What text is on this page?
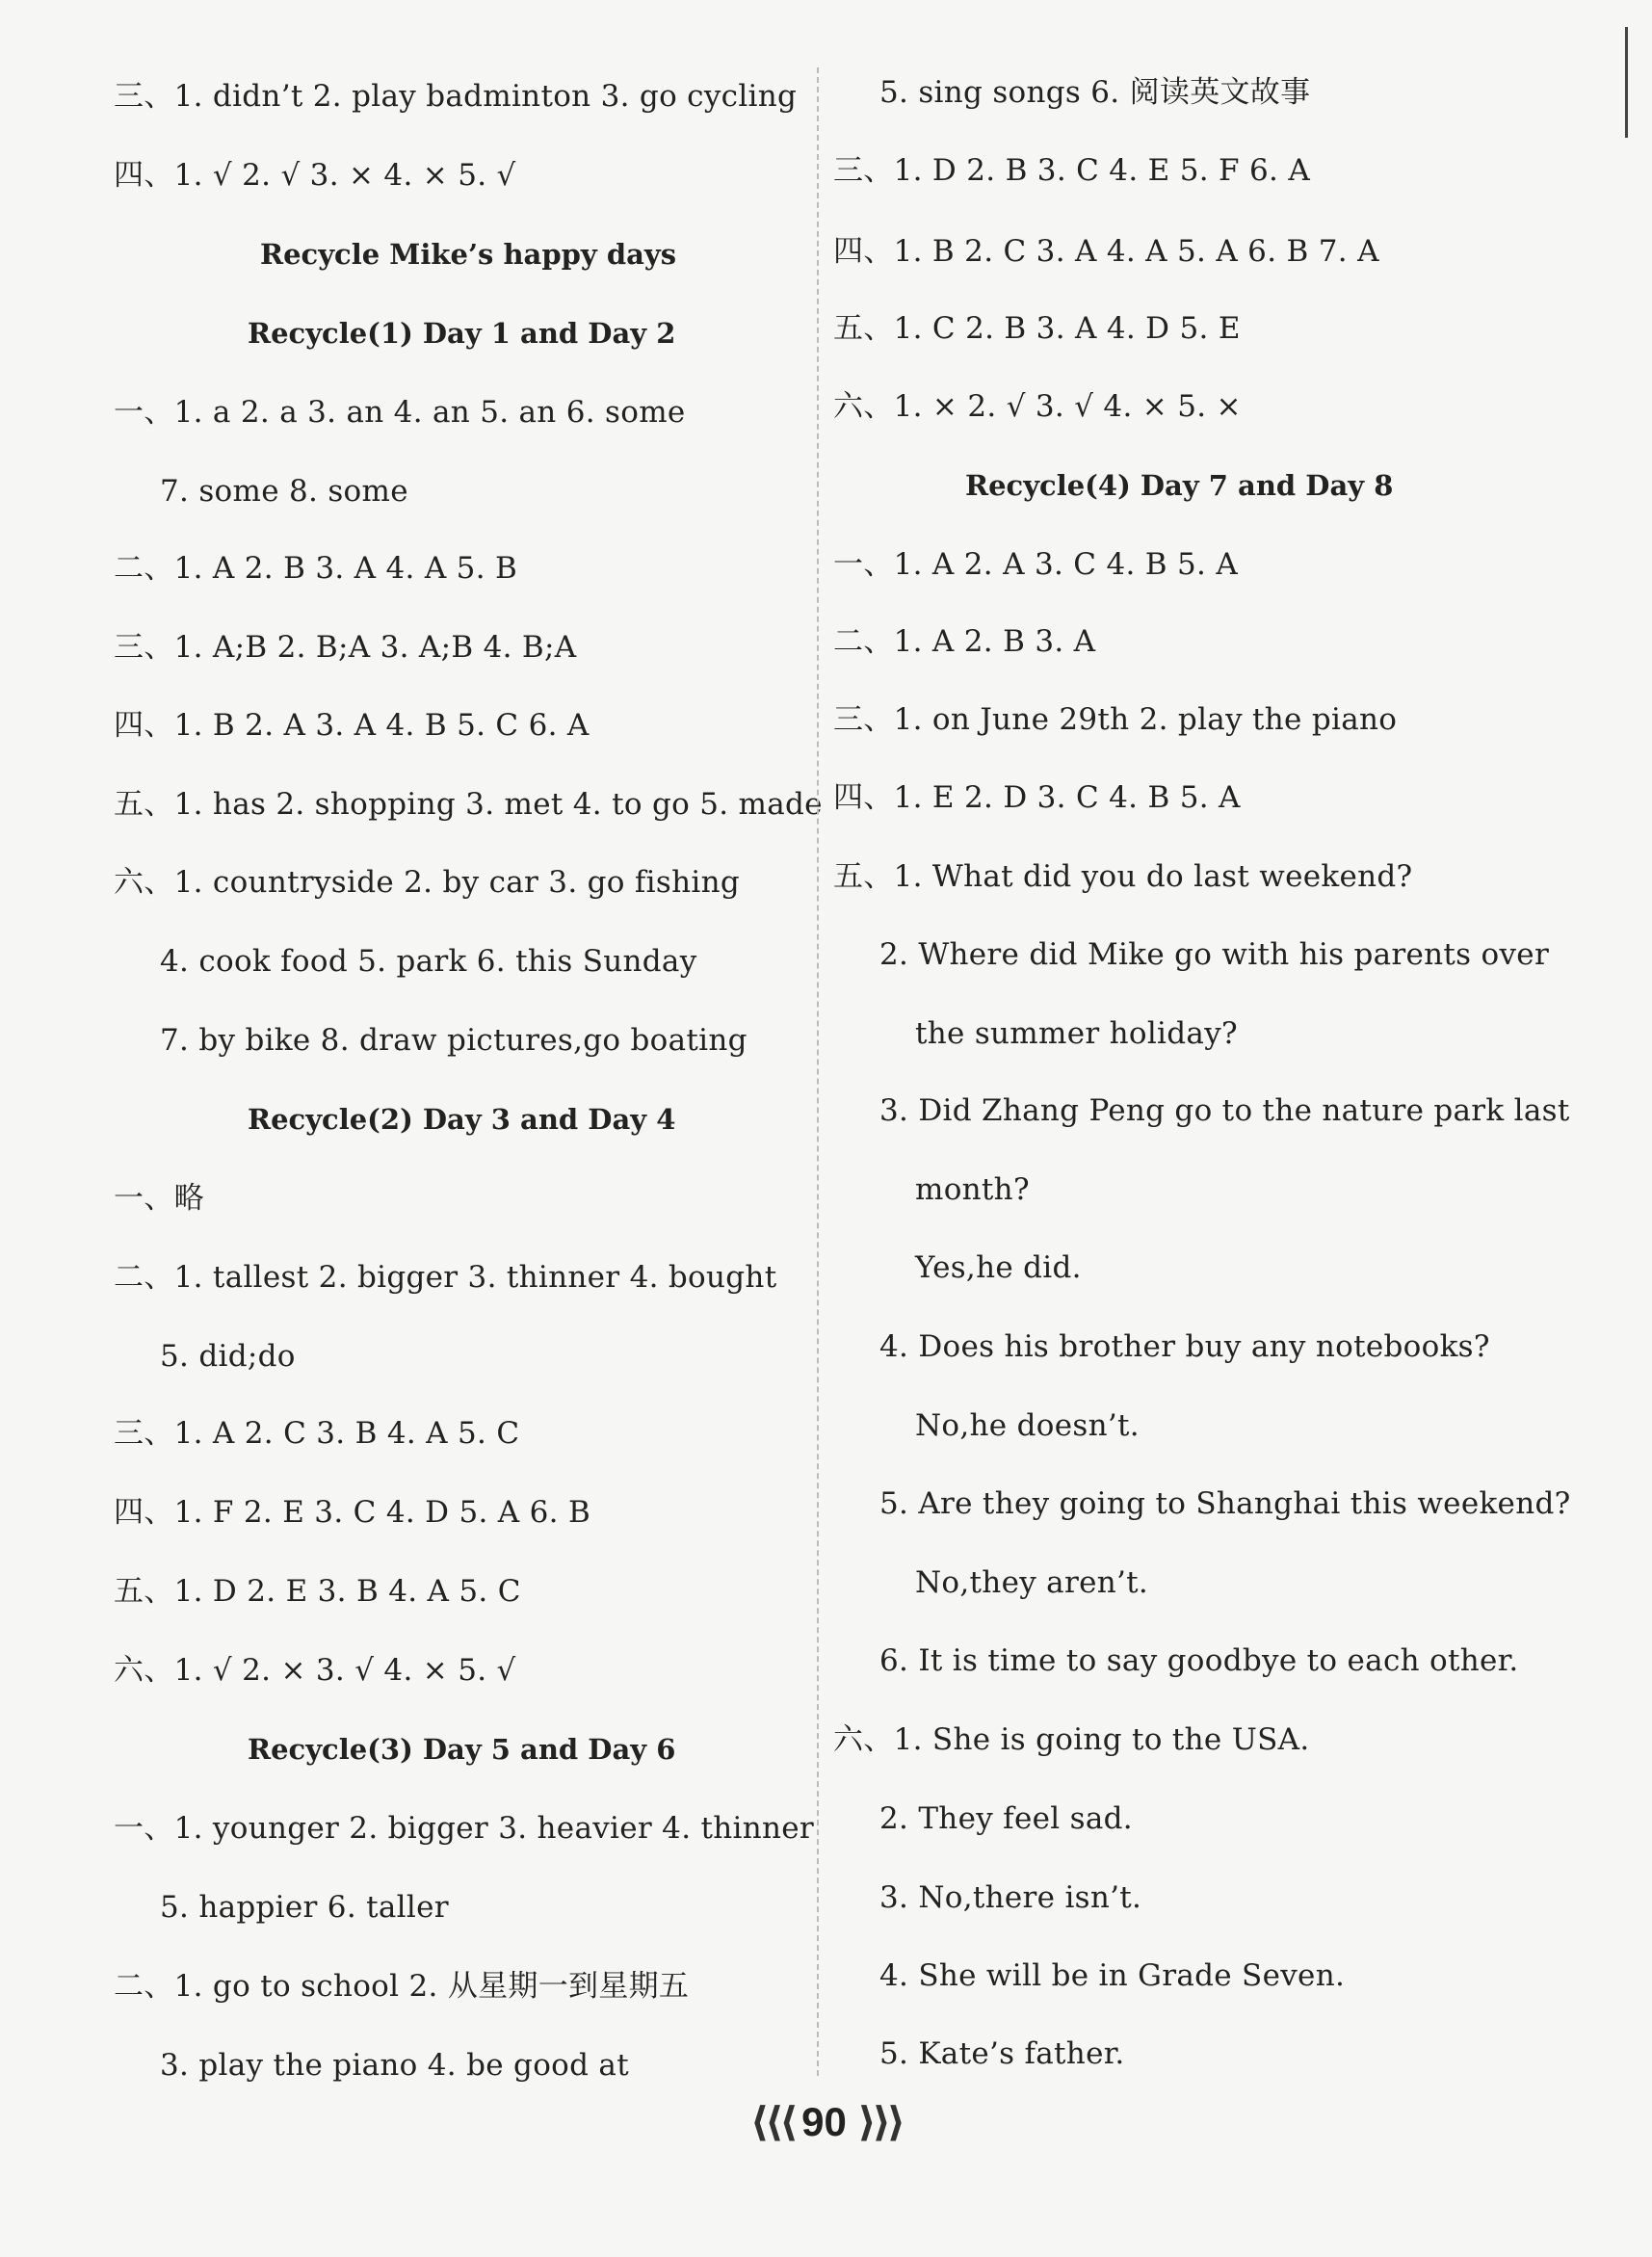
三、1. didn’t 2. play badminton 3. go cycling
四、1. √ 2. √ 3. × 4. × 5. √
Recycle Mike’s happy days
Recycle(1) Day 1 and Day 2
一、1. a 2. a 3. an 4. an 5. an 6. some
7. some 8. some
二、1. A 2. B 3. A 4. A 5. B
三、1. A;B 2. B;A 3. A;B 4. B;A
四、1. B 2. A 3. A 4. B 5. C 6. A
五、1. has 2. shopping 3. met 4. to go 5. made
六、1. countryside 2. by car 3. go fishing
4. cook food 5. park 6. this Sunday
7. by bike 8. draw pictures,go boating
Recycle(2) Day 3 and Day 4
一、略
二、1. tallest 2. bigger 3. thinner 4. bought
5. did;do
三、1. A 2. C 3. B 4. A 5. C
四、1. F 2. E 3. C 4. D 5. A 6. B
五、1. D 2. E 3. B 4. A 5. C
六、1. √ 2. × 3. √ 4. × 5. √
Recycle(3) Day 5 and Day 6
一、1. younger 2. bigger 3. heavier 4. thinner
5. happier 6. taller
二、1. go to school 2. 从星期一到星期五
3. play the piano 4. be good at
5. sing songs 6. 阅读英文故事
三、1. D 2. B 3. C 4. E 5. F 6. A
四、1. B 2. C 3. A 4. A 5. A 6. B 7. A
五、1. C 2. B 3. A 4. D 5. E
六、1. × 2. √ 3. √ 4. × 5. ×
Recycle(4) Day 7 and Day 8
一、1. A 2. A 3. C 4. B 5. A
二、1. A 2. B 3. A
三、1. on June 29th 2. play the piano
四、1. E 2. D 3. C 4. B 5. A
五、1. What did you do last weekend?
2. Where did Mike go with his parents over
the summer holiday?
3. Did Zhang Peng go to the nature park last
month?
Yes,he did.
4. Does his brother buy any notebooks?
No,he doesn’t.
5. Are they going to Shanghai this weekend?
No,they aren’t.
6. It is time to say goodbye to each other.
六、1. She is going to the USA.
2. They feel sad.
3. No,there isn’t.
4. She will be in Grade Seven.
5. Kate’s father.
⟨⟨⟨ 90 ⟩⟩⟩
